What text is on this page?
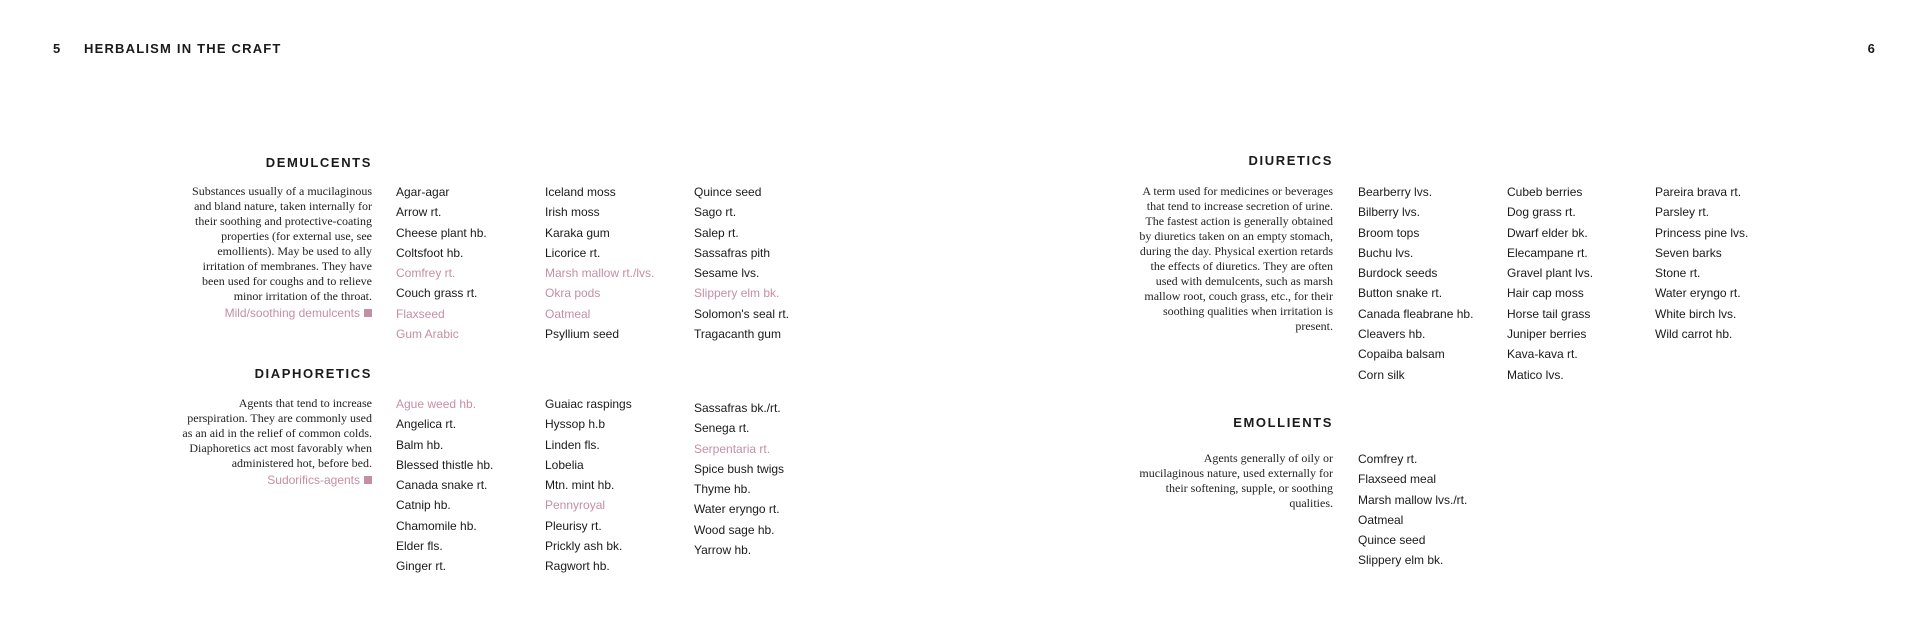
5 HERBALISM IN THE CRAFT	6
DEMULCENTS

Substances usually of a mucilaginous and bland nature, taken internally for their soothing and protective-coating properties (for external use, see emollients). May be used to ally irritation of membranes. They have been used for coughs and to relieve minor irritation of the throat.

Mild/soothing demulcents
Agar-agar
Arrow rt.
Cheese plant hb.
Coltsfoot hb.
Comfrey rt.
Couch grass rt.
Flaxseed
Gum Arabic
Iceland moss
Irish moss
Karaka gum
Licorice rt.
Marsh mallow rt./lvs.
Okra pods
Oatmeal
Psyllium seed
Quince seed
Sago rt.
Salep rt.
Sassafras pith
Sesame lvs.
Slippery elm bk.
Solomon's seal rt.
Tragacanth gum
DIAPHORETICS

Agents that tend to increase perspiration. They are commonly used as an aid in the relief of common colds. Diaphoretics act most favorably when administered hot, before bed.

Sudorifics-agents
Ague weed hb.
Angelica rt.
Balm hb.
Blessed thistle hb.
Canada snake rt.
Catnip hb.
Chamomile hb.
Elder fls.
Ginger rt.
Guaiac raspings
Hyssop h.b
Linden fls.
Lobelia
Mtn. mint hb.
Pennyroyal
Pleurisy rt.
Prickly ash bk.
Ragwort hb.
Sassafras bk./rt.
Senega rt.
Serpentaria rt.
Spice bush twigs
Thyme hb.
Water eryngo rt.
Wood sage hb.
Yarrow hb.
DIURETICS

A term used for medicines or beverages that tend to increase secretion of urine. The fastest action is generally obtained by diuretics taken on an empty stomach, during the day. Physical exertion retards the effects of diuretics. They are often used with demulcents, such as marsh mallow root, couch grass, etc., for their soothing qualities when irritation is present.

Bearberry lvs.
Bilberry lvs.
Broom tops
Buchu lvs.
Burdock seeds
Button snake rt.
Canada fleabrane hb.
Cleavers hb.
Copaiba balsam
Corn silk
Cubeb berries
Dog grass rt.
Dwarf elder bk.
Elecampane rt.
Gravel plant lvs.
Hair cap moss
Horse tail grass
Juniper berries
Kava-kava rt.
Matico lvs.
Pareira brava rt.
Parsley rt.
Princess pine lvs.
Seven barks
Stone rt.
Water eryngo rt.
White birch lvs.
Wild carrot hb.
EMOLLIENTS

Agents generally of oily or mucilaginous nature, used externally for their softening, supple, or soothing qualities.

Comfrey rt.
Flaxseed meal
Marsh mallow lvs./rt.
Oatmeal
Quince seed
Slippery elm bk.
